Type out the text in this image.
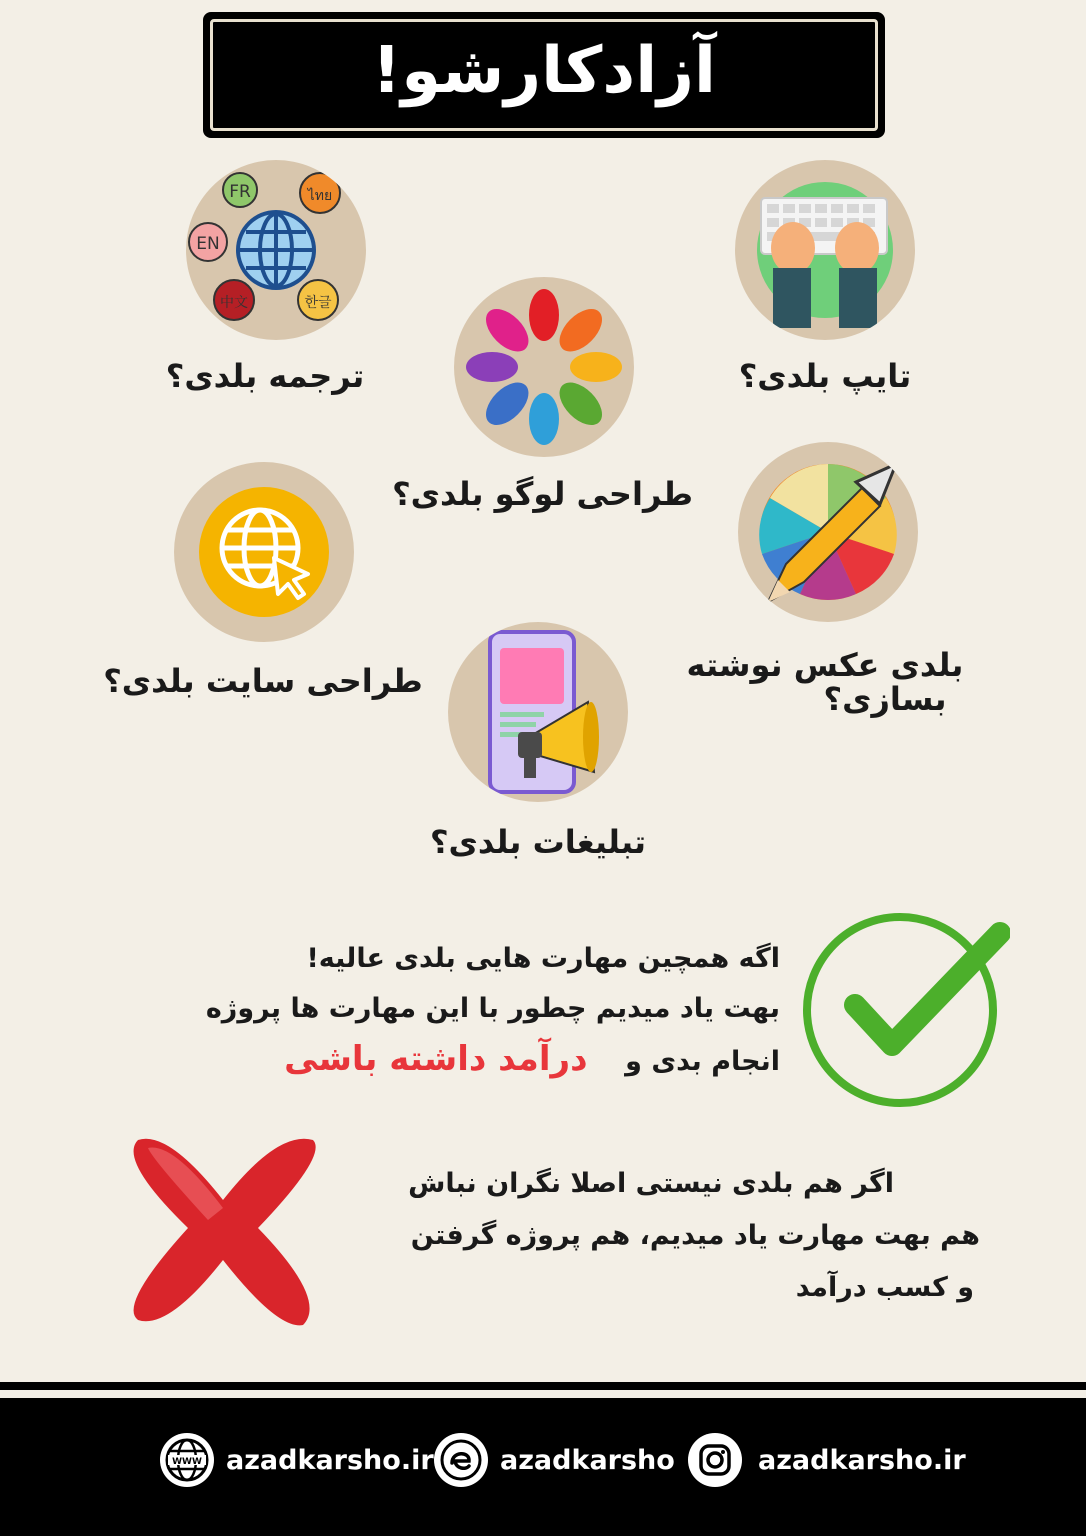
آزادکارشو!
FR	ไทย
EN
中文	한글
ترجمه بلدی؟
طراحی لوگو بلدی؟
تایپ بلدی؟
طراحی سایت بلدی؟
تبلیغات بلدی؟
بلدی عکس نوشته
بسازی؟
اگه همچین مهارت هایی بلدی عالیه!
بهت یاد میدیم چطور با این مهارت ها پروژه
انجام بدی و    درآمد داشته باشی
اگر هم بلدی نیستی اصلا نگران نباش
هم بهت مهارت یاد میدیم، هم پروژه گرفتن
و کسب درآمد
WWW azadkarsho.ir azadkarsho	azadkarsho.ir
